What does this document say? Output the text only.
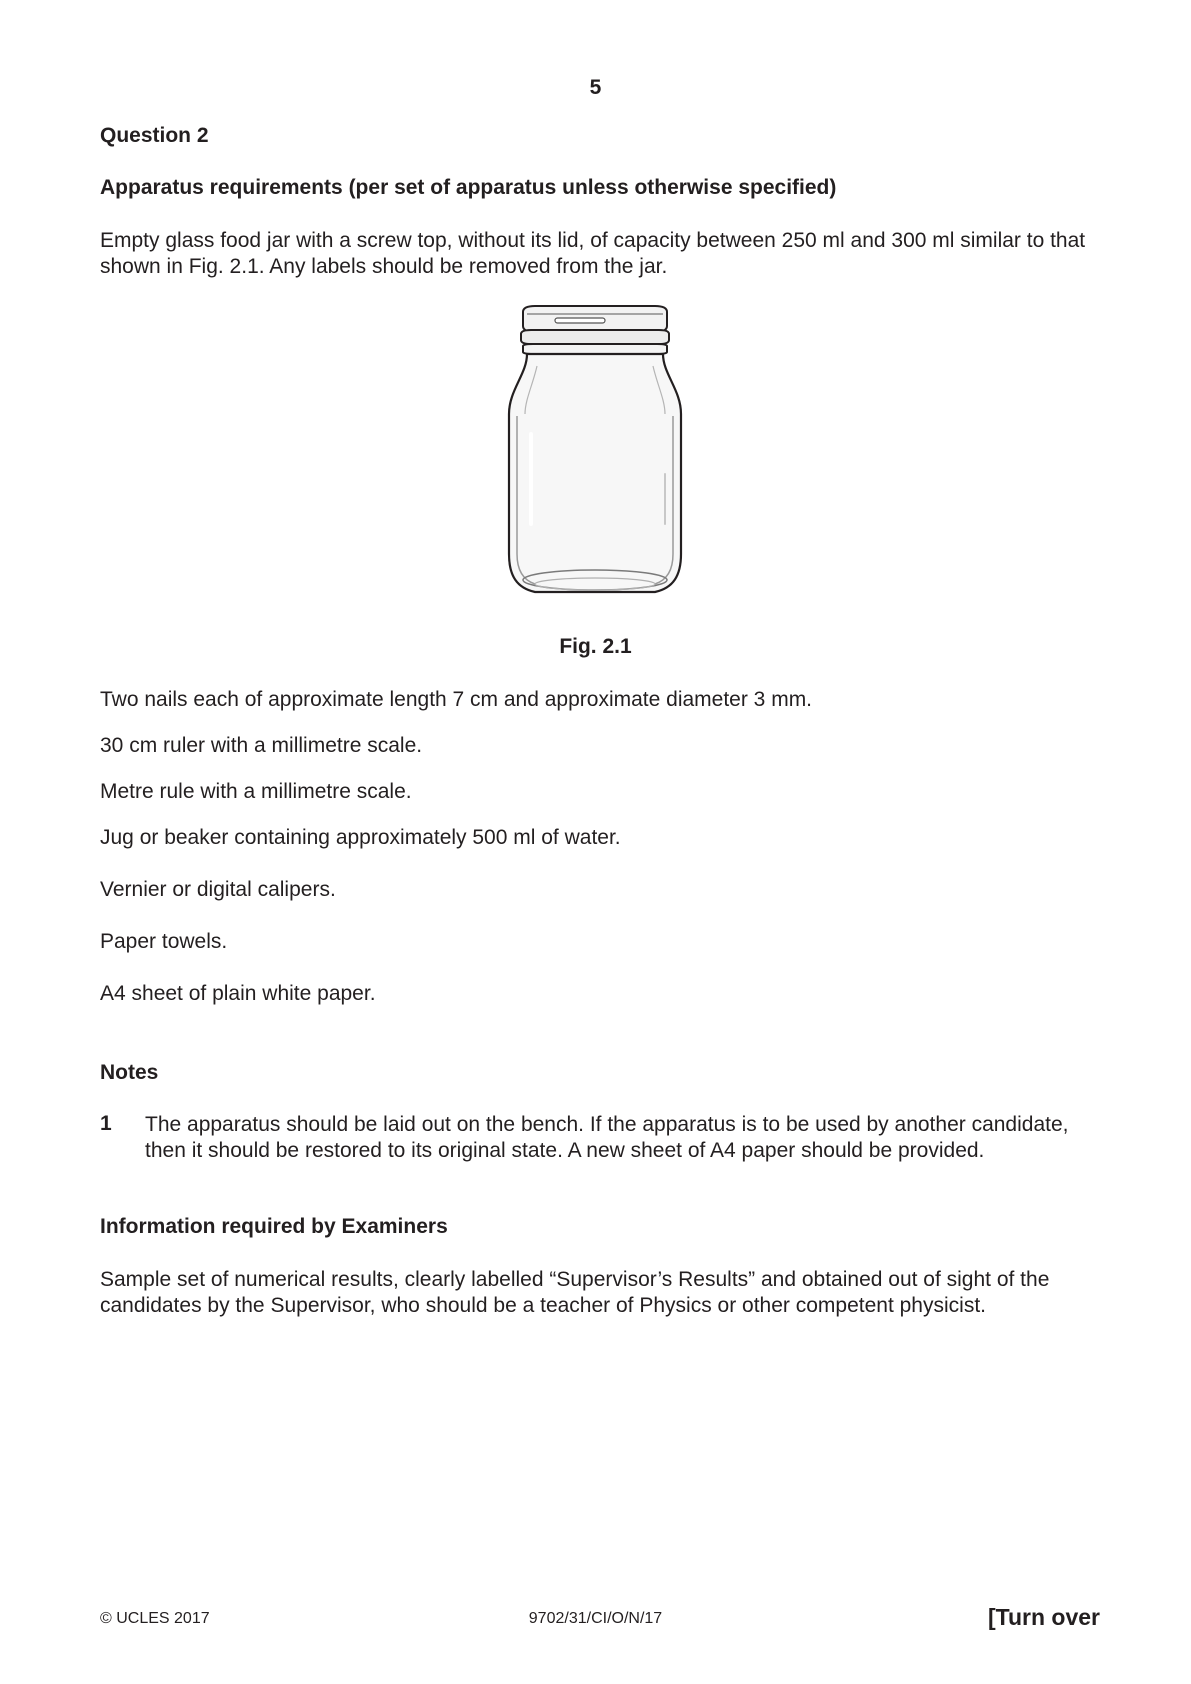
5
Question 2
Apparatus requirements (per set of apparatus unless otherwise specified)
Empty glass food jar with a screw top, without its lid, of capacity between 250 ml and 300 ml similar to that shown in Fig. 2.1. Any labels should be removed from the jar.
Fig. 2.1
Two nails each of approximate length 7 cm and approximate diameter 3 mm.
30 cm ruler with a millimetre scale.
Metre rule with a millimetre scale.
Jug or beaker containing approximately 500 ml of water.
Vernier or digital calipers.
Paper towels.
A4 sheet of plain white paper.
Notes
1 The apparatus should be laid out on the bench. If the apparatus is to be used by another candidate, then it should be restored to its original state. A new sheet of A4 paper should be provided.
Information required by Examiners
Sample set of numerical results, clearly labelled “Supervisor’s Results” and obtained out of sight of the candidates by the Supervisor, who should be a teacher of Physics or other competent physicist.
© UCLES 2017	9702/31/CI/O/N/17	[Turn over
